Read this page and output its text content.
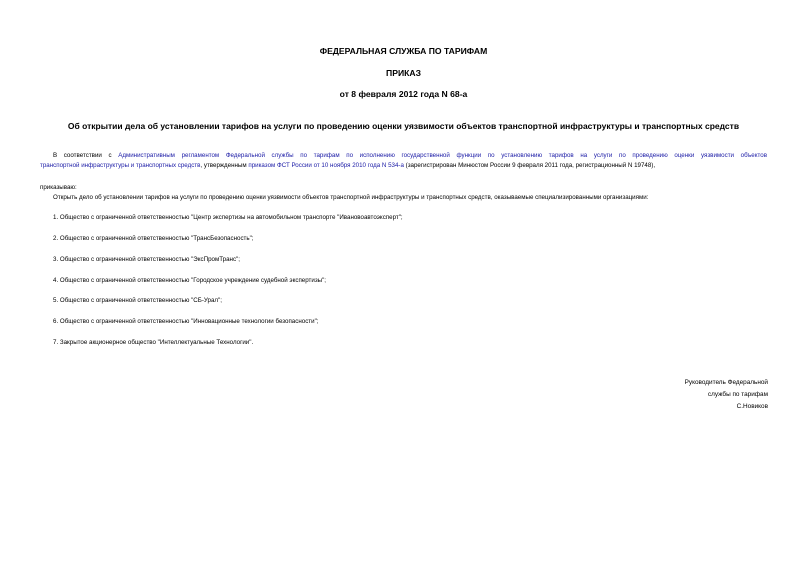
ФЕДЕРАЛЬНАЯ СЛУЖБА ПО ТАРИФАМ
ПРИКАЗ
от 8 февраля 2012 года N 68-а
Об открытии дела об установлении тарифов на услуги по проведению оценки уязвимости объектов транспортной инфраструктуры и транспортных средств
В соответствии с Административным регламентом Федеральной службы по тарифам по исполнению государственной функции по установлению тарифов на услуги по проведению оценки уязвимости объектов
транспортной инфраструктуры и транспортных средств, утвержденным приказом ФСТ России от 10 ноября 2010 года N 534-а (зарегистрирован Минюстом России 9 февраля 2011 года, регистрационный N 19748),
приказываю:
Открыть дело об установлении тарифов на услуги по проведению оценки уязвимости объектов транспортной инфраструктуры и транспортных средств, оказываемые специализированными организациями:
1. Общество с ограниченной ответственностью "Центр экспертизы на автомобильном транспорте "Ивановоавтоэксперт";
2. Общество с ограниченной ответственностью "ТрансБезопасность";
3. Общество с ограниченной ответственностью "ЭксПромТранс";
4. Общество с ограниченной ответственностью "Городское учреждение судебной экспертизы";
5. Общество с ограниченной ответственностью "СБ-Урал";
6. Общество с ограниченной ответственностью "Инновационные технологии безопасности";
7. Закрытое акционерное общество "Интеллектуальные Технологии".
Руководитель Федеральной
службы по тарифам
С.Новиков
